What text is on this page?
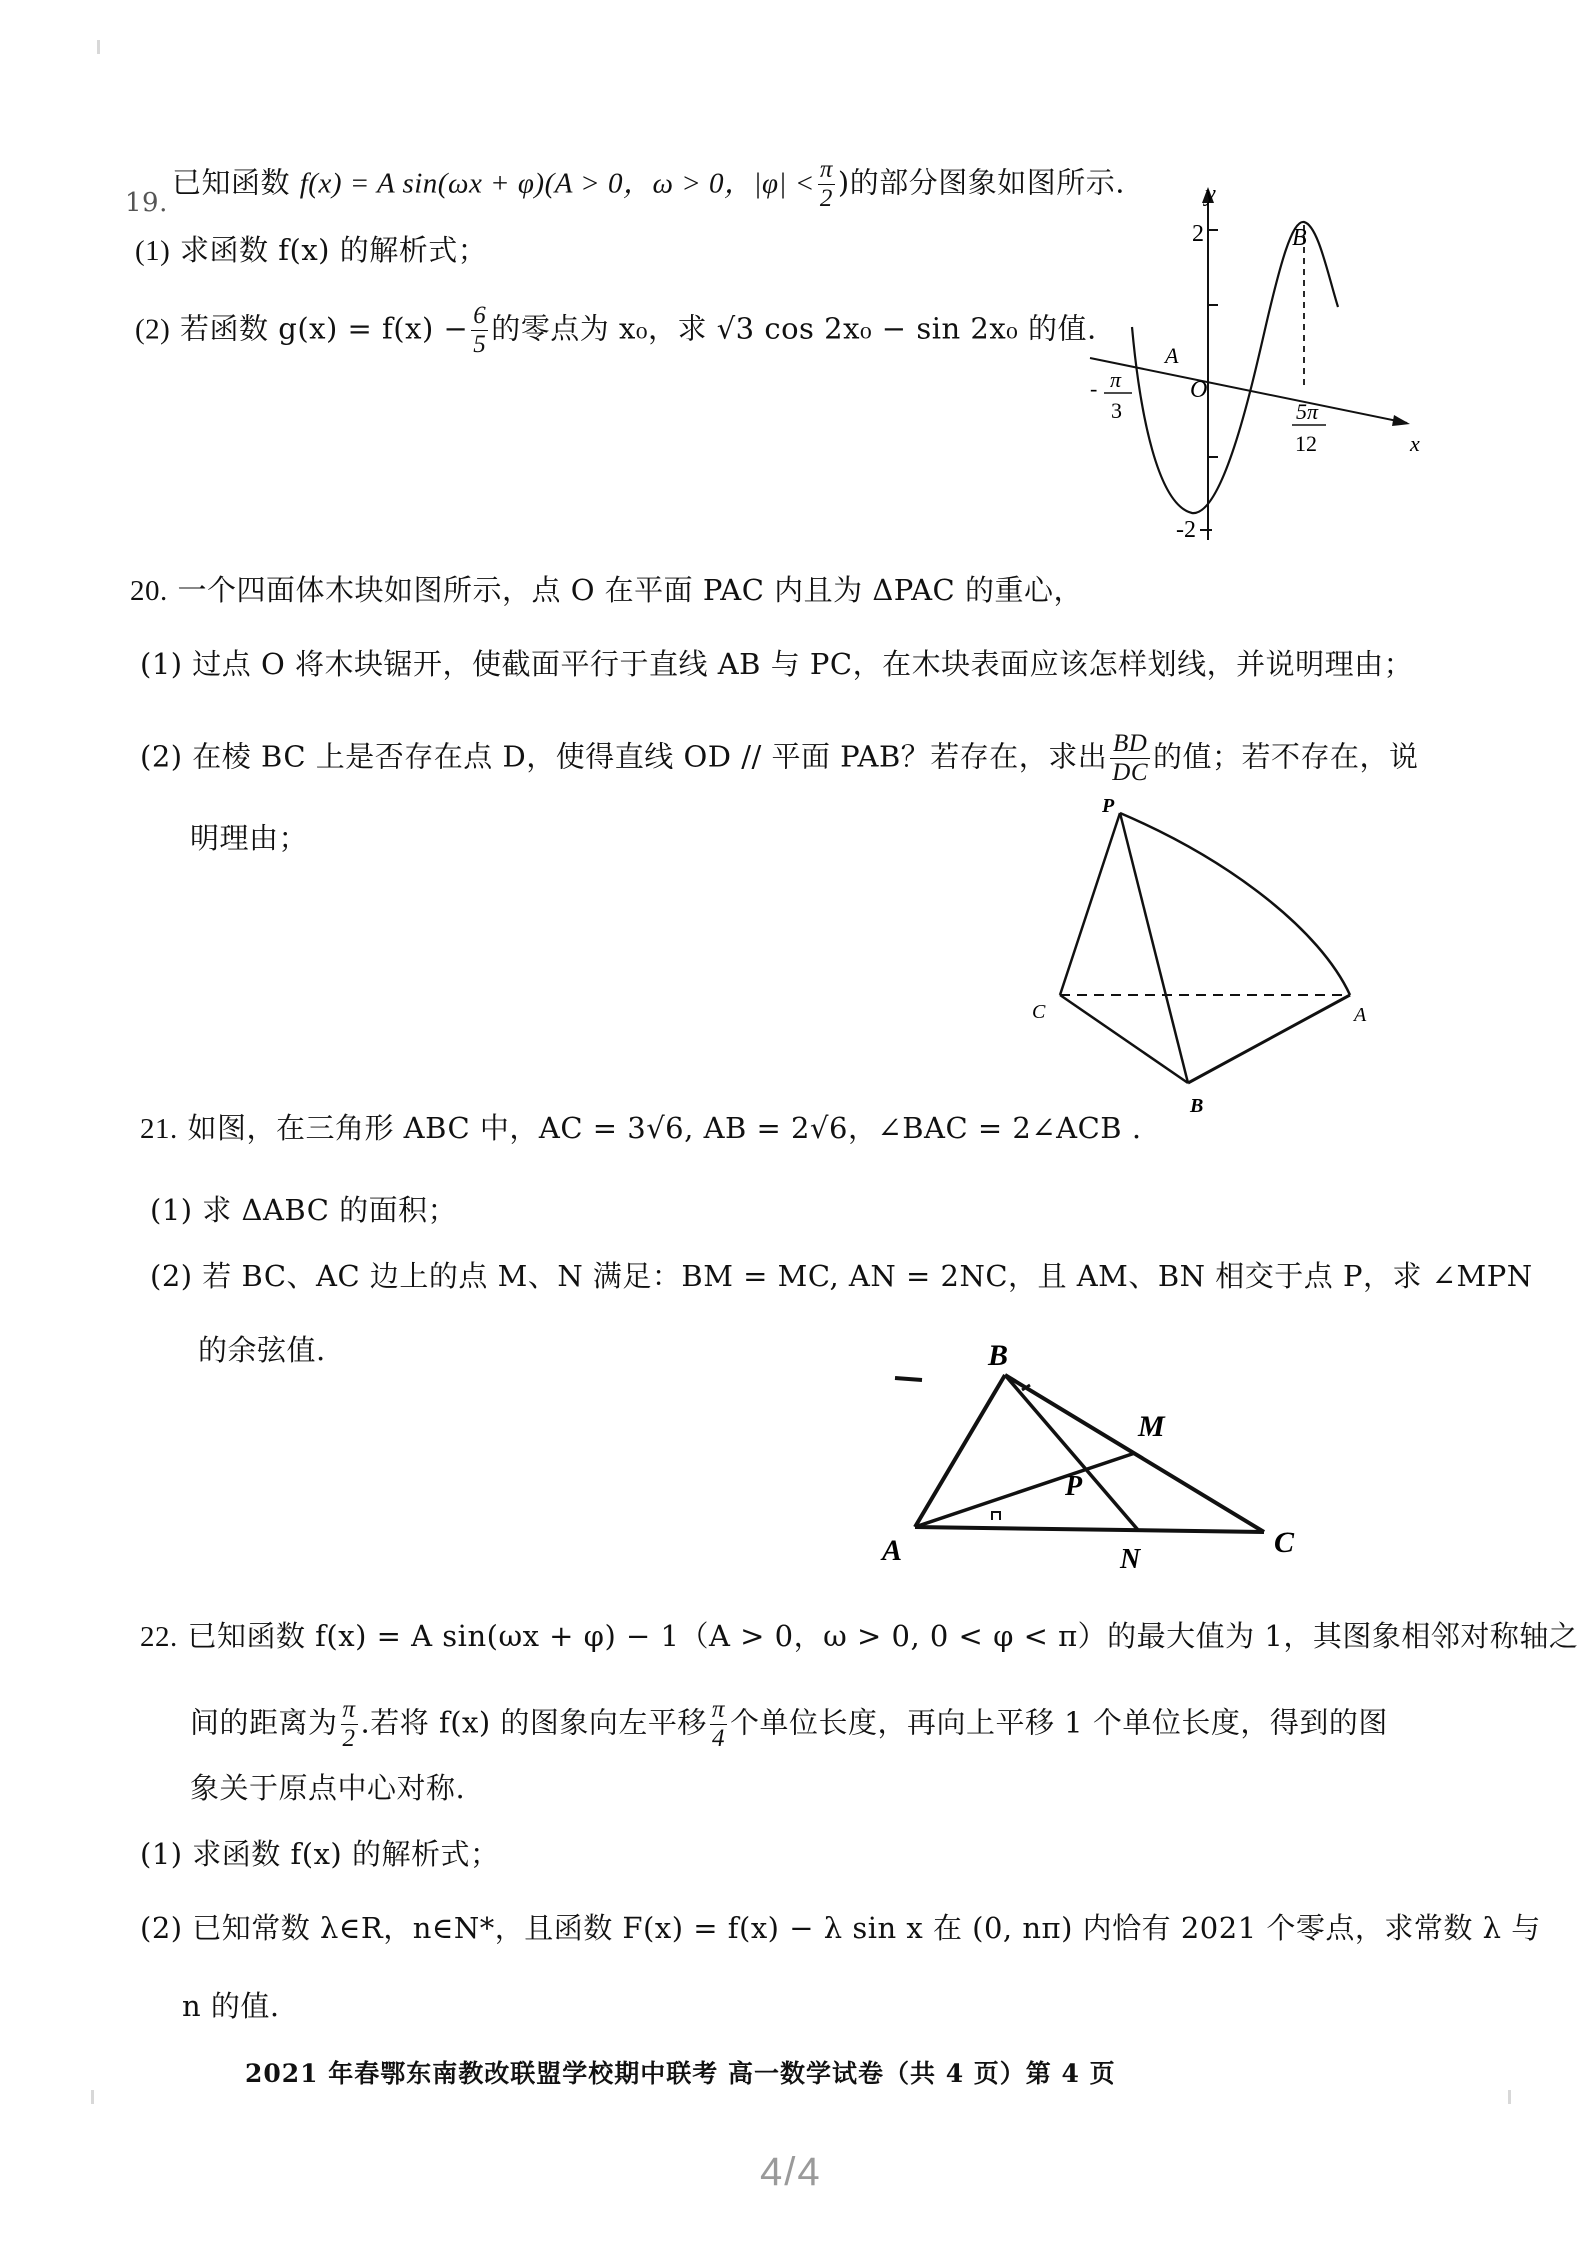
19.
已知函数 f(x) = A sin(ωx + φ)(A > 0，ω > 0，$|\varphi| < \frac{\pi}{2}$ )的部分图象如图所示.
(1) 求函数 f(x) 的解析式；
(2) 若函数 $g(x) = f(x) - \frac{6}{5}$ 的零点为 x₀，求 √3 cos 2x₀ − sin 2x₀ 的值.
y
x
2
-2
O
A
B
- π
3	5π
12
20. 一个四面体木块如图所示，点 O 在平面 PAC 内且为 ΔPAC 的重心，
(1) 过点 O 将木块锯开，使截面平行于直线 AB 与 PC，在木块表面应该怎样划线，并说明理由；
(2) 在棱 BC 上是否存在点 D，使得直线 OD // 平面 PAB？若存在，求出 $\frac{BD}{DC}$ 的值；若不存在，说
明理由；
P
C	A
B
21. 如图，在三角形 ABC 中，AC = 3√6, AB = 2√6，∠BAC = 2∠ACB .
(1) 求 ΔABC 的面积；
(2) 若 BC、AC 边上的点 M、N 满足：BM = MC, AN = 2NC，且 AM、BN 相交于点 P，求 ∠MPN
的余弦值.	B
M
P
A	N
C
22. 已知函数 f(x) = A sin(ωx + φ) − 1（A > 0，ω > 0, 0 < φ < π）的最大值为 1，其图象相邻对称轴之
间的距离为 $\frac{\pi}{2}$ .若将 f(x) 的图象向左平移 $\frac{\pi}{4}$ 个单位长度，再向上平移 1 个单位长度，得到的图
象关于原点中心对称.
(1) 求函数 f(x) 的解析式；
(2) 已知常数 λ∈R，n∈N*，且函数 F(x) = f(x) − λ sin x 在 (0, nπ) 内恰有 2021 个零点，求常数 λ 与
n 的值.
2021 年春鄂东南教改联盟学校期中联考 高一数学试卷（共 4 页）第 4 页
4/4
